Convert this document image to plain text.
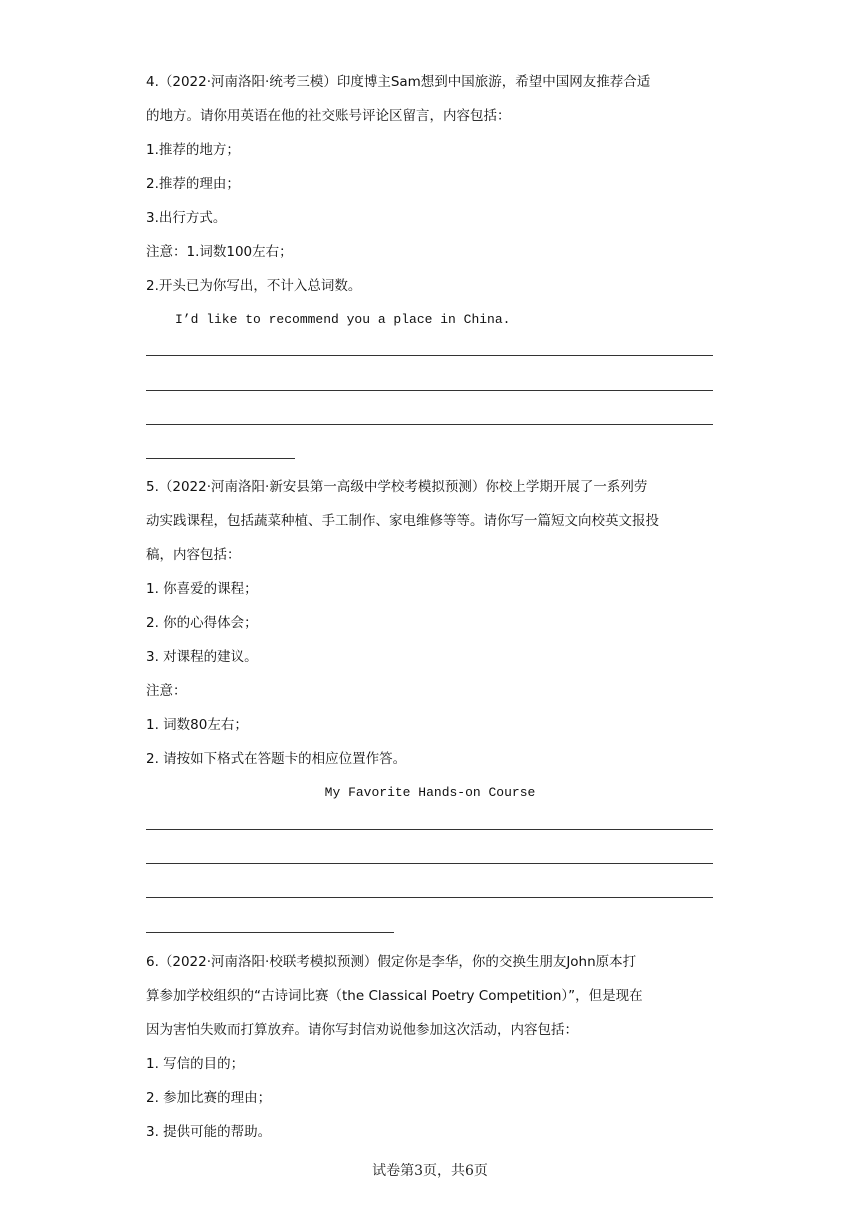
4.（2022·河南洛阳·统考三模）印度博主Sam想到中国旅游，希望中国网友推荐合适
的地方。请你用英语在他的社交账号评论区留言，内容包括：
1.推荐的地方；
2.推荐的理由；
3.出行方式。
注意：1.词数100左右；
2.开头已为你写出，不计入总词数。
I’d like to recommend you a place in China.
5.（2022·河南洛阳·新安县第一高级中学校考模拟预测）你校上学期开展了一系列劳
动实践课程，包括蔬菜种植、手工制作、家电维修等等。请你写一篇短文向校英文报投
稿，内容包括：
1. 你喜爱的课程；
2. 你的心得体会；
3. 对课程的建议。
注意：
1. 词数80左右；
2. 请按如下格式在答题卡的相应位置作答。
My Favorite Hands-on Course
6.（2022·河南洛阳·校联考模拟预测）假定你是李华，你的交换生朋友John原本打
算参加学校组织的“古诗词比赛（the Classical Poetry Competition）”，但是现在
因为害怕失败而打算放弃。请你写封信劝说他参加这次活动，内容包括：
1. 写信的目的；
2. 参加比赛的理由；
3. 提供可能的帮助。
试卷第3页，共6页
